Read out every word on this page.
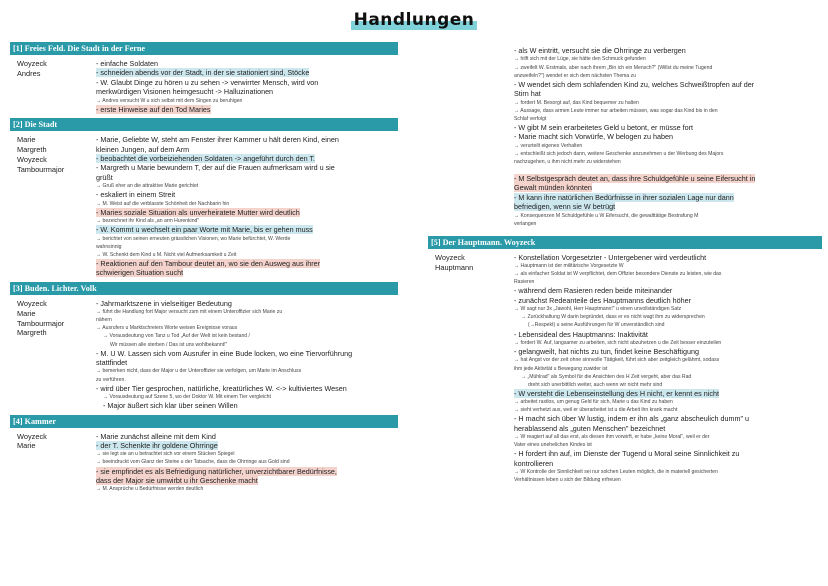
Handlungen
[1] Freies Feld. Die Stadt in der Ferne
Woyzeck
Andres
- einfache Soldaten
- schneiden abends vor der Stadt, in der sie stationiert sind, Stöcke
- W. Glaubt Dinge zu hören u zu sehen -> verwirrter Mensch, wird von
merkwürdigen Visionen heimgesucht -> Halluzinationen
→ Andres versucht W u sich selbst mit dem Singen zu beruhigen
- erste Hinweise auf den Tod Maries
[2] Die Stadt
Marie
Margreth
Woyzeck
Tambourmajor
- Marie, Geliebte W, steht am Fenster ihrer Kammer u hält deren Kind, einen
kleinen Jungen, auf dem Arm
- beobachtet die vorbeiziehenden Soldaten -> angeführt durch den T.
- Margreth u Marie bewundern T, der auf die Frauen aufmerksam wird u sie
grüßt
→ Gruß eher an die attraktive Marie gerichtet
- eskaliert in einem Streit
→ M. Weist auf die verblasste Schönheit der Nachbarin hin
- Maries soziale Situation als unverheiratete Mutter wird deutlich
→ bezeichnet ihr Kind als „an arm Hurenkind"
- W. Kommt u wechselt ein paar Worte mit Marie, bis er gehen muss
→ berichtet von seinen erneuten grässlichen Visionen, wo Marie befürchtet, W. Werde
wahnsinnig
→ W. Schenkt dem Kind u M. Nicht viel Aufmerksamkeit u Zeit
- Reaktionen auf den Tambour deutet an, wo sie den Ausweg aus ihrer
schwierigen Situation sucht
[3] Buden. Lichter. Volk
Woyzeck
Marie
Tambourmajor
Margreth
- Jahrmarktszene in vielseitiger Bedeutung
→ führt die Handlung fort Major versucht zsm mit einem Unteroffizier sich Marie zu
nähern
→ Ausrufers u Marktschreiers Worte weisen Ereignisse voraus
→ Vorausdeutung von Tanz u Tod „Auf der Welt ist kein bestand /
Wir müssen alle sterben / Das ist uns wohlbekannt!"
- M. U W. Lassen sich vom Ausrufer in eine Bude locken, wo eine Tiervorführung
stattfindet
→ bemerken nicht, dass der Major u der Unteroffizier sie verfolgen, um Marie im Anschluss
zu verführen.
- wird über Tier gesprochen, natürliche, kreatürliches W. <-> kultiviertes Wesen
→ Vorausdeutung auf Szene 5, wo der Doktor W. Mit einem Tier vergleicht
- Major äußert sich klar über seinen Willen
[4] Kammer
Woyzeck
Marie
- Marie zunächst alleine mit dem Kind
- der T. Schenkte ihr goldene Ohrringe
→ sie legt sie an u betrachtet sich vor einem Stücken Spiegel
→ beeindruckt vom Glanz der Steine u der Tatsache, dass die Ohrringe aus Gold sind
- sie empfindet es als Befriedigung natürlicher, unverzichtbarer Bedürfnisse,
dass der Major sie umwirbt u ihr Geschenke macht
→ M. Ansprüche u Bedürfnisse werden deutlich
- als W eintritt, versucht sie die Ohrringe zu verbergen
→ hilft sich mit der Lüge, sie hätte den Schmuck gefunden
→ zweifelt W. Erstmals, aber nach ihrem „Bin ich ein Mensch?" (Willst du meine Tugend
anzweifeln?") wendet er sich dem nächsten Thema zu
- W wendet sich dem schlafenden Kind zu, welches Schweißtropfen auf der
Stirn hat
→ fordert M. Besorgt auf, das Kind bequemer zu halten
→ Aussage, dass armen Leute immer nur arbeiten müssen, was sogar das Kind bis in den
Schlaf verfolgt
- W gibt M sein erarbeitetes Geld u betont, er müsse fort
- Marie macht sich Vorwürfe, W belogen zu haben
→ verurteilt eigenes Verhalten
→ entschleißt sich jedoch dann, weitere Geschenke anzunehmen u der Werbung des Majors
nachzugehen, u ihm nicht mehr zu widerstehen

- M Selbstgespräch deutet an, dass ihre Schuldgefühle u seine Eifersucht in
Gewalt münden könnten
- M kann ihre natürlichen Bedürfnisse in ihrer sozialen Lage nur dann
befriedigen, wenn sie W betrügt
→ Konsequenzen M Schuldgefühle u W Eifersucht, die gewalttätige Bestrafung M
verlangen
[5] Der Hauptmann. Woyzeck
Woyzeck
Hauptmann
- Konstellation Vorgesetzter - Untergebener wird verdeutlicht
→ Hauptmann ist der militärische Vorgesetzte W
→ als einfacher Soldat ist W verpflichtet, dem Offizier besondere Dienste zu leisten, wie das
Rasieren
- während dem Rasieren reden beide miteinander
- zunächst Redeanteile des Hauptmanns deutlich höher
→ W sagt nur 3x „Jawohl, Herr Hauptmann!" u einen unvollständigen Satz
→ Zurückhaltung W darin begründet, dass er es nicht wagt ihm zu widersprechen
(→Respekt) u seine Ausführungen für W unverständlich sind
- Lebensideal des Hauptmanns: Inaktivität
→ fordert W. Auf, langsamer zu arbeiten, sich nicht abzuhetzen u die Zeit besser einzuteilen
- gelangweilt, hat nichts zu tun, findet keine Beschäftigung
→ hat Angst vor der zeit ohne sinnvolle Tätigkeit, führt sich aber zeitgleich gelähmt, sodass
ihm jede Aktivität u Bewegung zuwider ist
→ „Mühlrad" als Symbol für die Ansichten des H Zeit vergeht, aber das Rad
dreht sich unerbittlich weiter, auch wenn wir nicht mehr sind
- W versteht die Lebenseinstellung des H nicht, er kennt es nicht
→ arbeitet rastlos, um genug Geld für sich, Marie u das Kind zu haben
→ sieht verhetzt aus, weil er überarbeitet ist u die Arbeit ihn krank macht
- H macht sich über W lustig, indem er ihn als „ganz abscheulich dumm" u
herablassend als „guten Menschen" bezeichnet
→ W reagiert auf all das erst, als diesen ihm vorwirft, er habe „keine Moral", weil er der
Vater eines unehelichen Kindes ist
- H fordert ihn auf, im Dienste der Tugend u Moral seine Sinnlichkeit zu
kontrollieren
→ W Kontrolle der Sinnlichkeit sei nur solchen Leuten möglich, die in materiell gesicherten
Verhältnissen leben u sich der Bildung erfreuen
